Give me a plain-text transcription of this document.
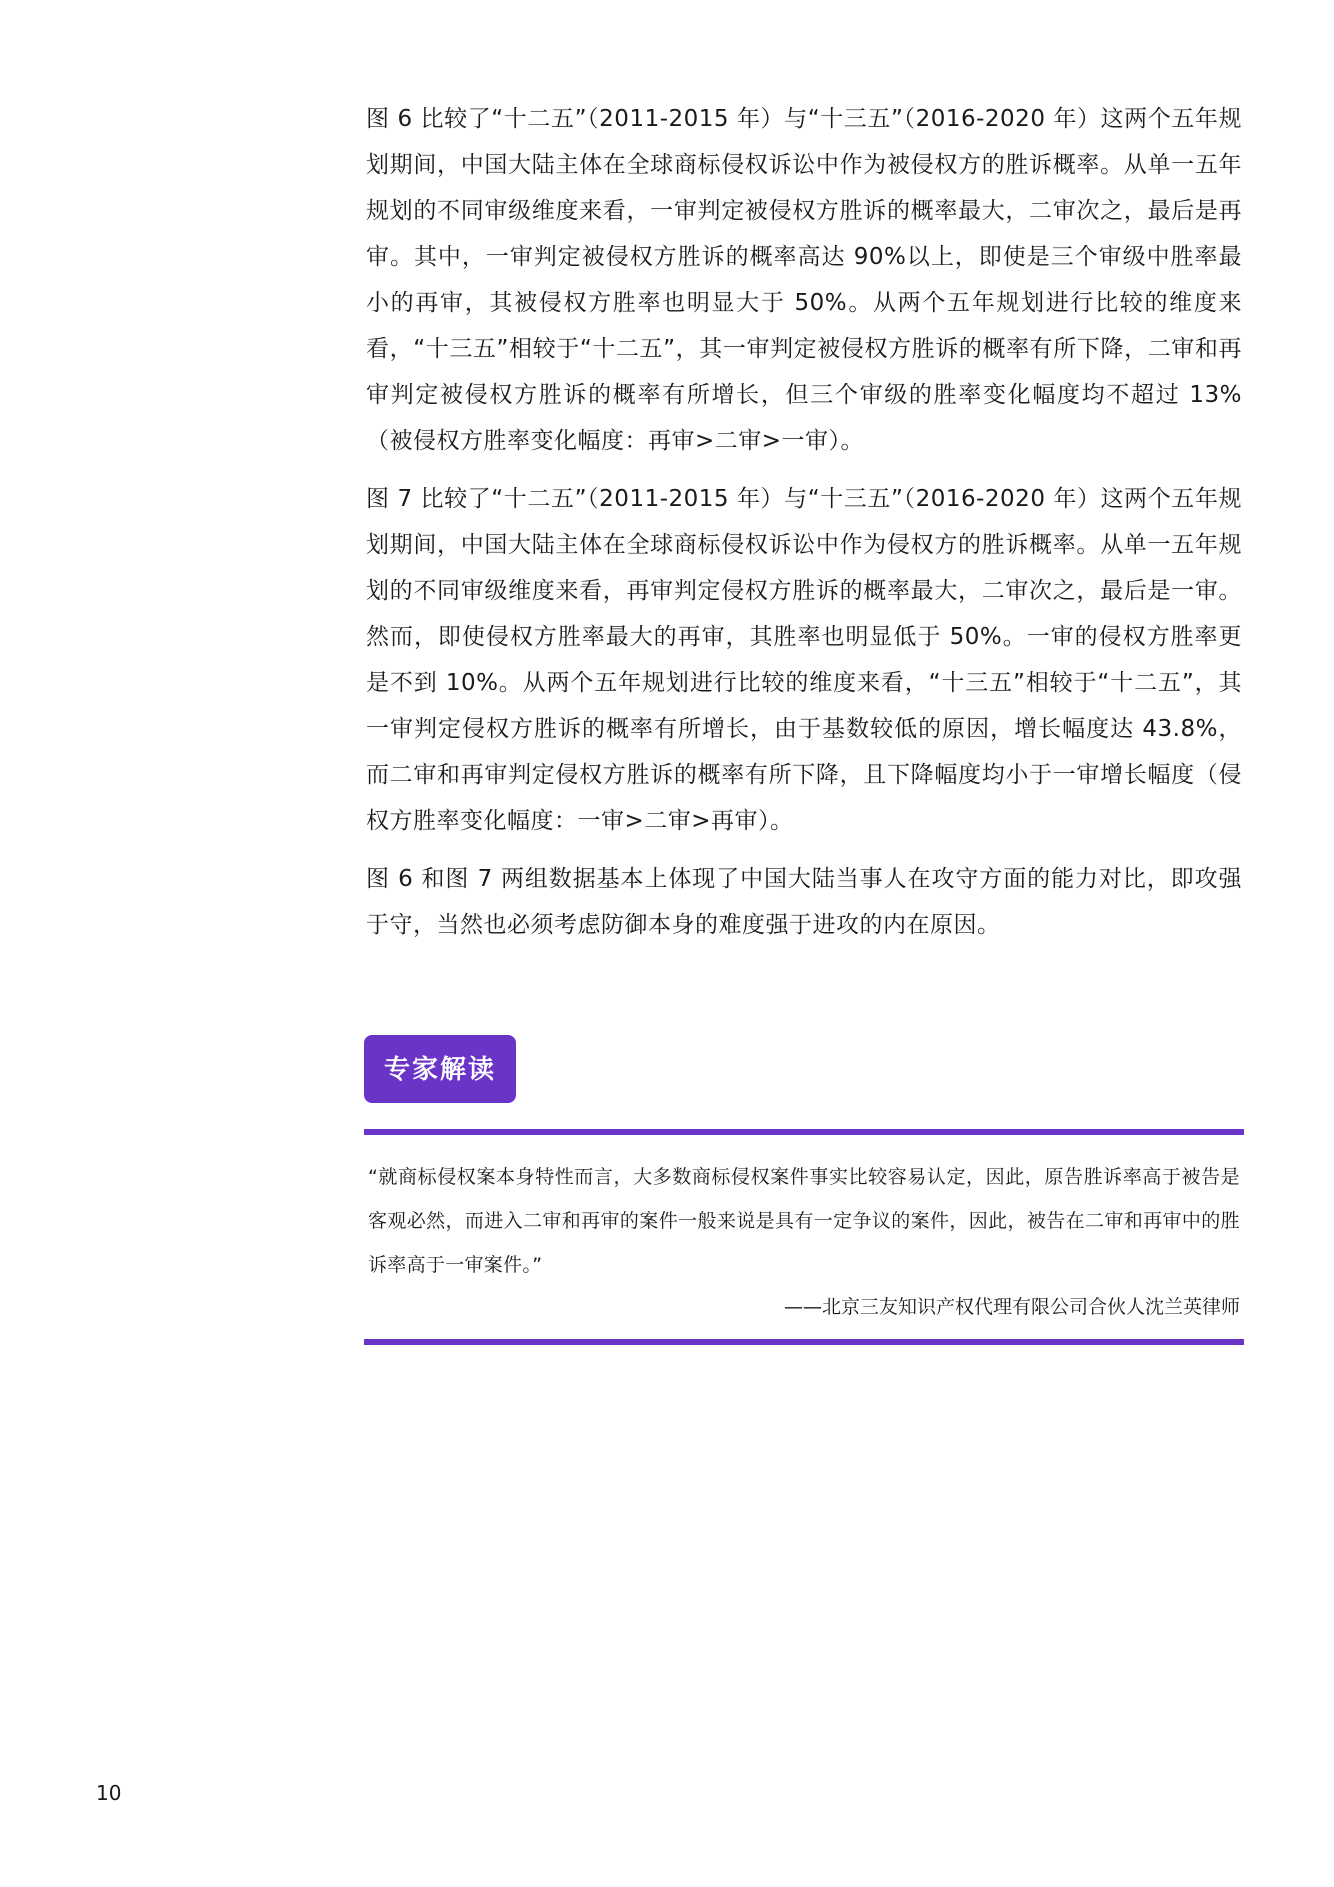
图 6 比较了“十二五”（2011-2015 年）与“十三五”（2016-2020 年）这两个五年规划期间，中国大陆主体在全球商标侵权诉讼中作为被侵权方的胜诉概率。从单一五年规划的不同审级维度来看，一审判定被侵权方胜诉的概率最大，二审次之，最后是再审。其中，一审判定被侵权方胜诉的概率高达 90%以上，即使是三个审级中胜率最小的再审，其被侵权方胜率也明显大于 50%。从两个五年规划进行比较的维度来看，“十三五”相较于“十二五”，其一审判定被侵权方胜诉的概率有所下降，二审和再审判定被侵权方胜诉的概率有所增长，但三个审级的胜率变化幅度均不超过 13%（被侵权方胜率变化幅度：再审>二审>一审）。

图 7 比较了“十二五”（2011-2015 年）与“十三五”（2016-2020 年）这两个五年规划期间，中国大陆主体在全球商标侵权诉讼中作为侵权方的胜诉概率。从单一五年规划的不同审级维度来看，再审判定侵权方胜诉的概率最大，二审次之，最后是一审。然而，即使侵权方胜率最大的再审，其胜率也明显低于 50%。一审的侵权方胜率更是不到 10%。从两个五年规划进行比较的维度来看，“十三五”相较于“十二五”，其一审判定侵权方胜诉的概率有所增长，由于基数较低的原因，增长幅度达 43.8%，而二审和再审判定侵权方胜诉的概率有所下降，且下降幅度均小于一审增长幅度（侵权方胜率变化幅度：一审>二审>再审）。

图 6 和图 7 两组数据基本上体现了中国大陆当事人在攻守方面的能力对比，即攻强于守，当然也必须考虑防御本身的难度强于进攻的内在原因。

专家解读

“就商标侵权案本身特性而言，大多数商标侵权案件事实比较容易认定，因此，原告胜诉率高于被告是客观必然，而进入二审和再审的案件一般来说是具有一定争议的案件，因此，被告在二审和再审中的胜诉率高于一审案件。”

——北京三友知识产权代理有限公司合伙人沈兰英律师

10
